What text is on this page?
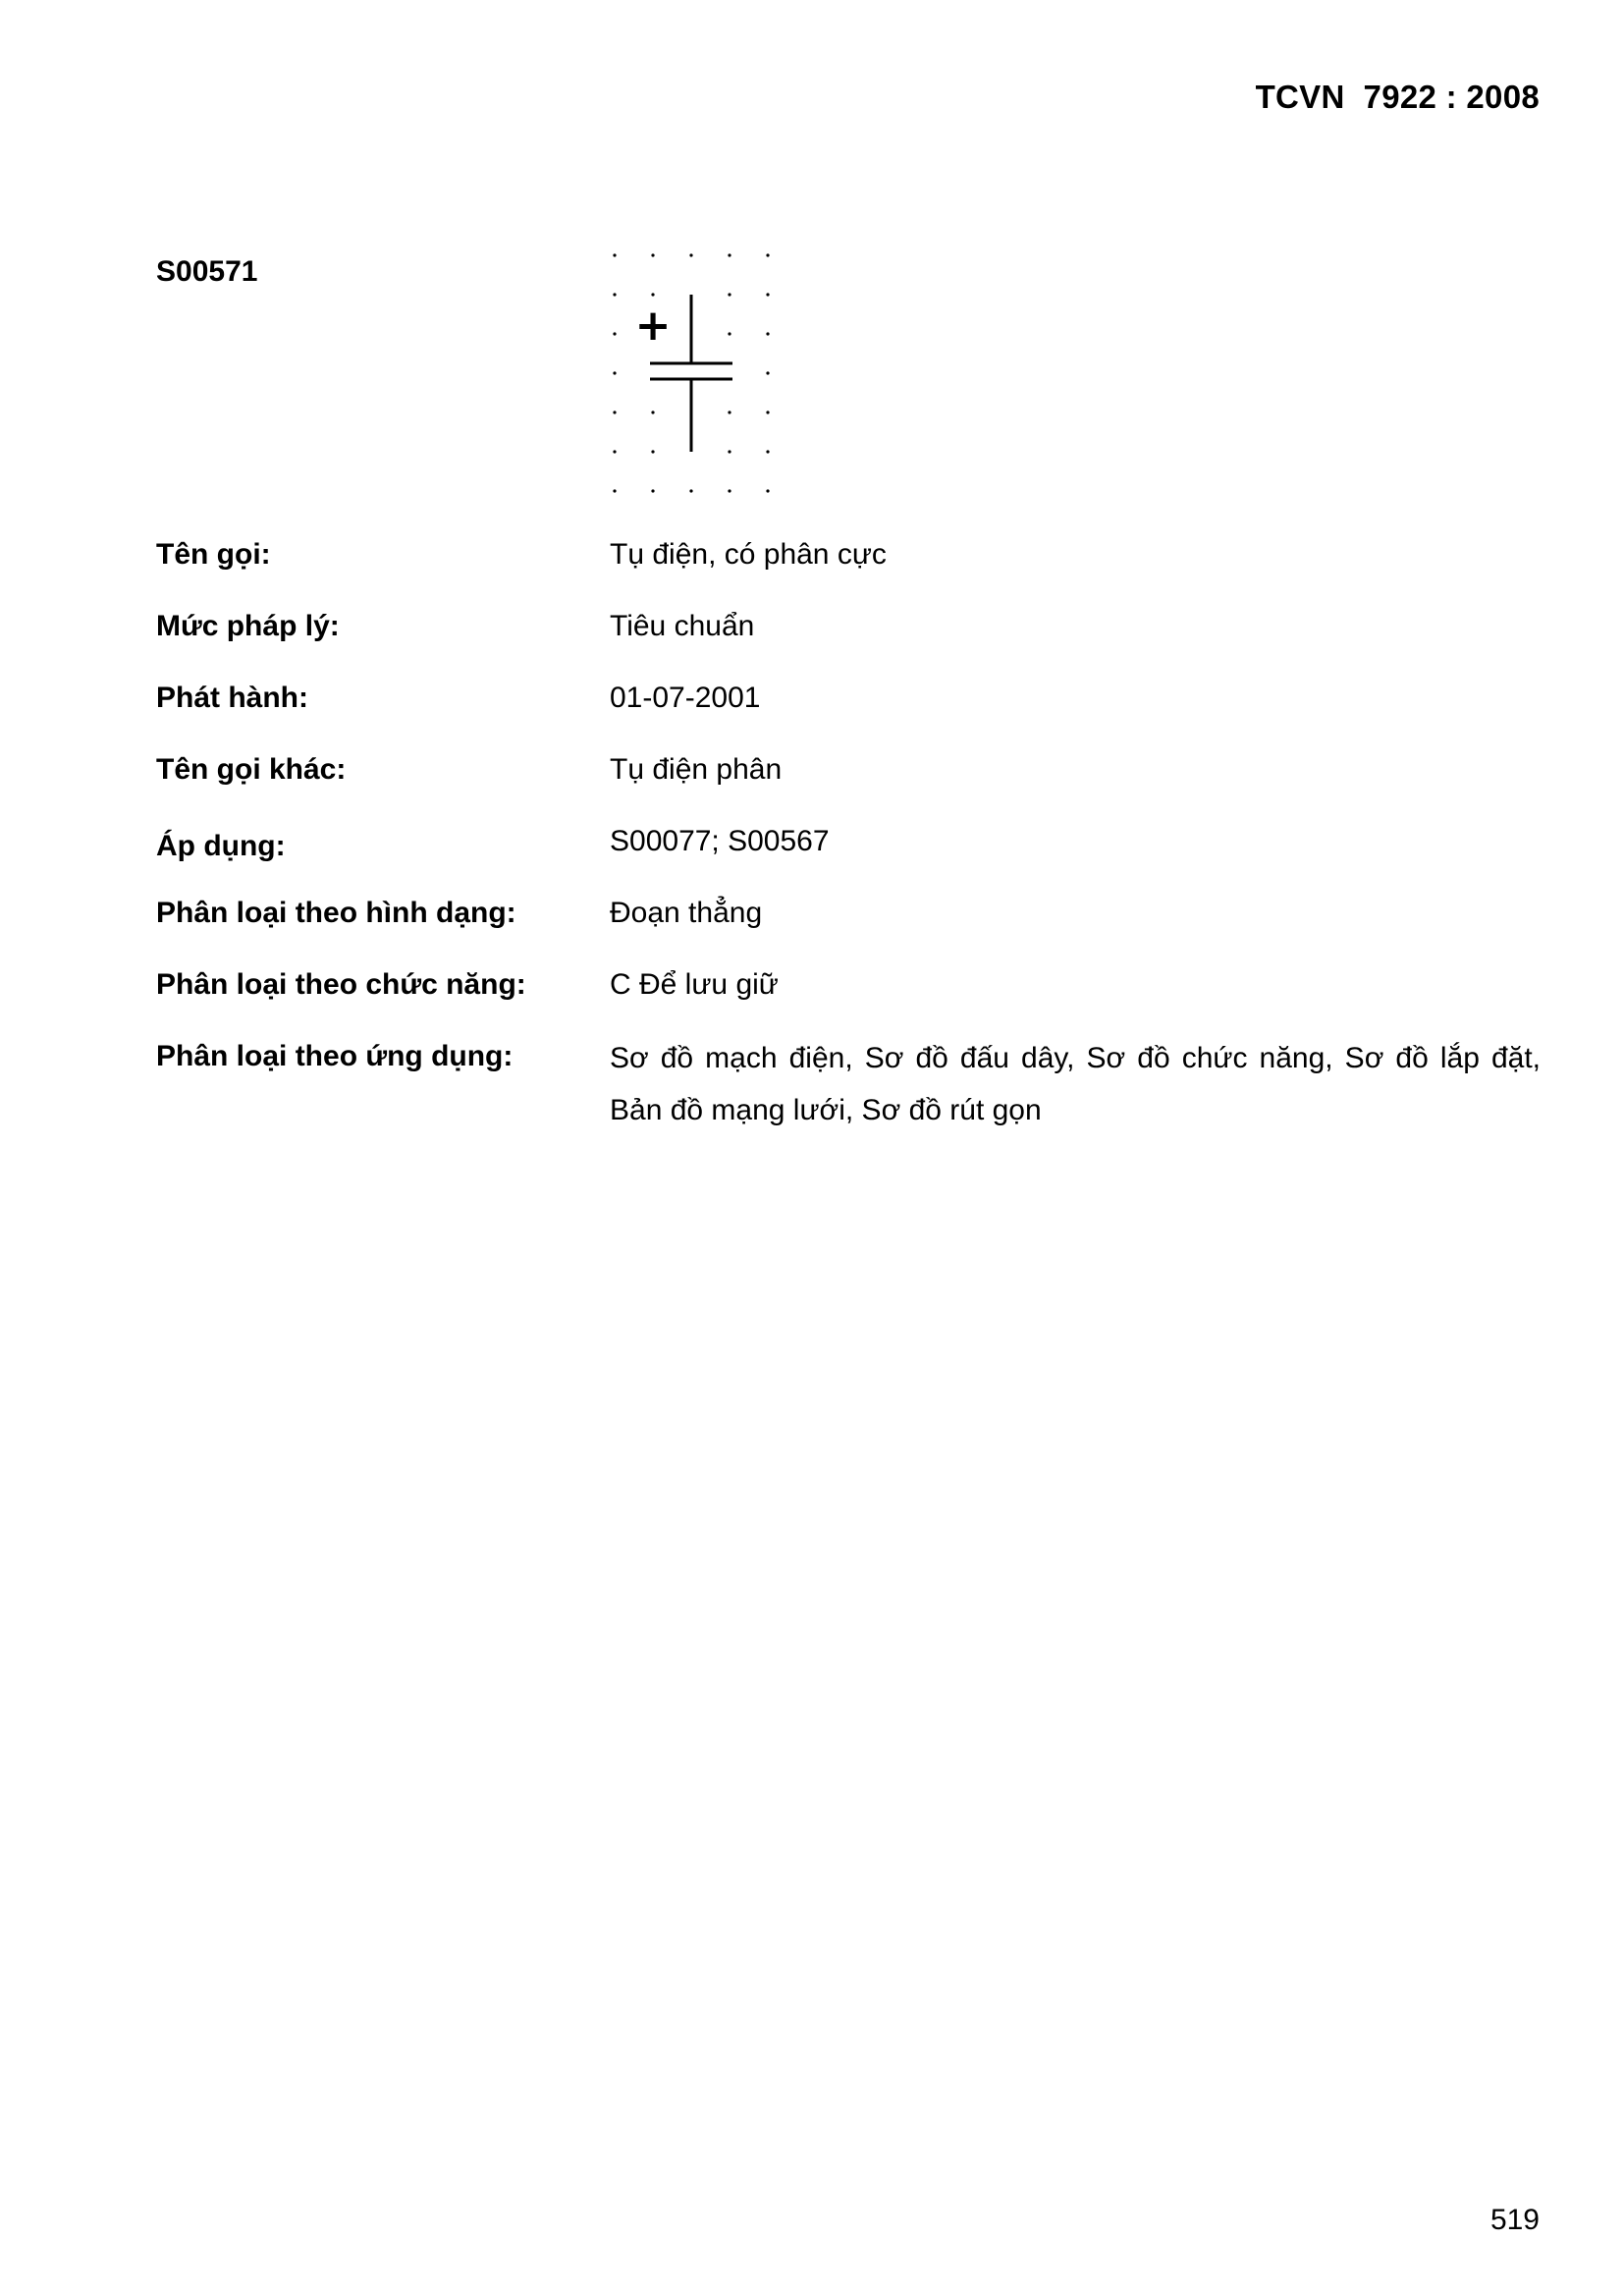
TCVN  7922 : 2008
S00571
+
Tên gọi:	Tụ điện, có phân cực
Mức pháp lý:	Tiêu chuẩn
Phát hành:	01-07-2001
Tên gọi khác:	Tụ điện phân
Áp dụng:	S00077; S00567
Phân loại theo hình dạng:	Đoạn thẳng
Phân loại theo chức năng:	C Để lưu giữ
Phân loại theo ứng dụng:	Sơ đồ mạch điện, Sơ đồ đấu dây, Sơ đồ chức năng, Sơ đồ lắp đặt, Bản đồ mạng lưới, Sơ đồ rút gọn
519
